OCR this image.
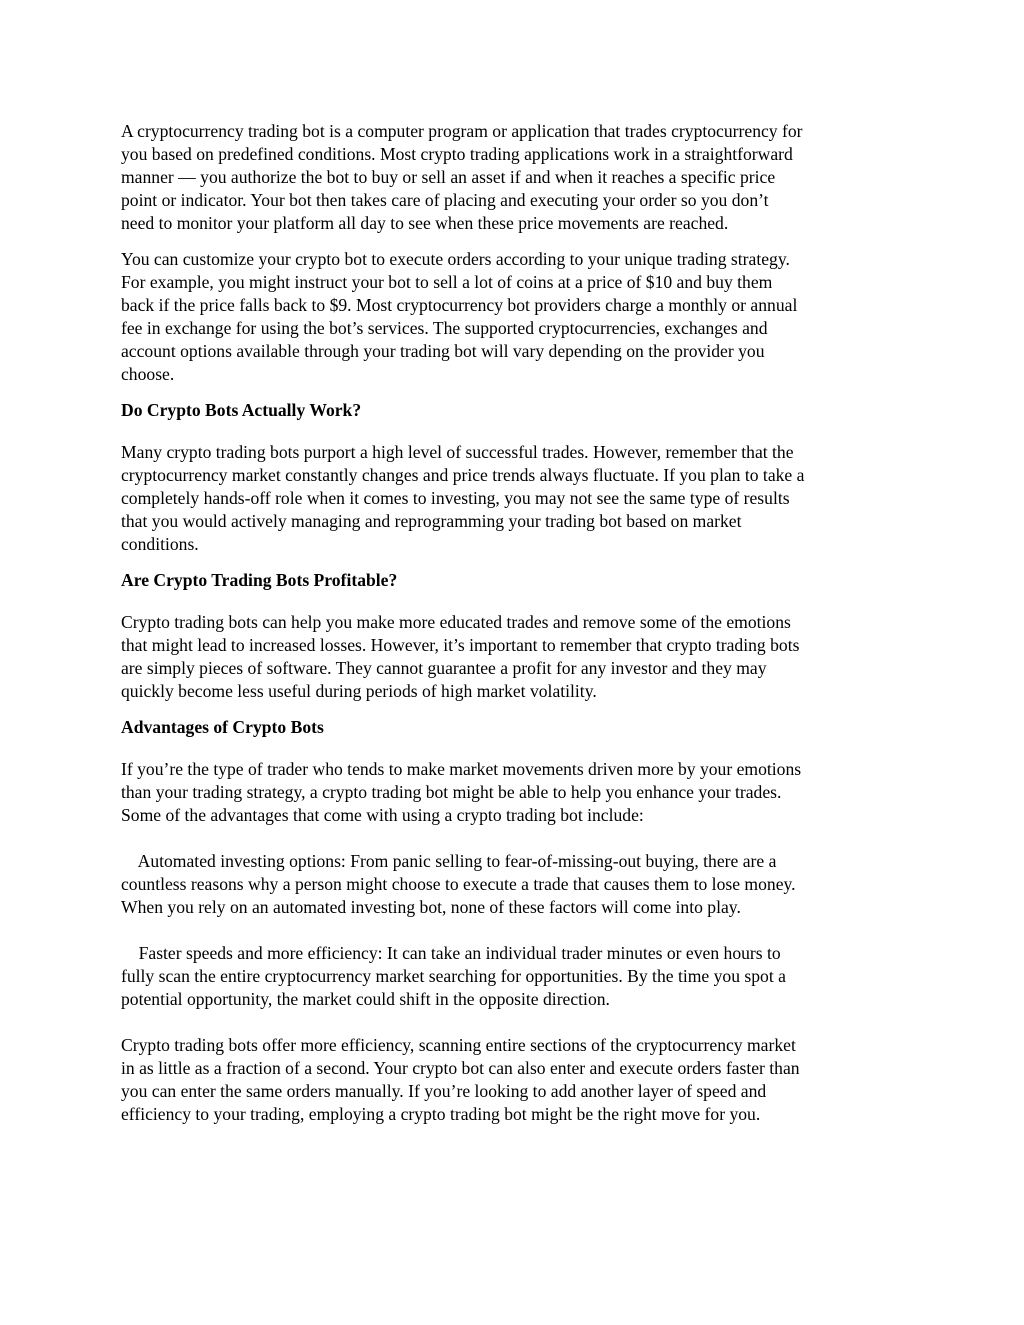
A cryptocurrency trading bot is a computer program or application that trades cryptocurrency for
you based on predefined conditions. Most crypto trading applications work in a straightforward
manner — you authorize the bot to buy or sell an asset if and when it reaches a specific price
point or indicator. Your bot then takes care of placing and executing your order so you don’t
need to monitor your platform all day to see when these price movements are reached.
You can customize your crypto bot to execute orders according to your unique trading strategy.
For example, you might instruct your bot to sell a lot of coins at a price of $10 and buy them
back if the price falls back to $9. Most cryptocurrency bot providers charge a monthly or annual
fee in exchange for using the bot’s services. The supported cryptocurrencies, exchanges and
account options available through your trading bot will vary depending on the provider you
choose.
Do Crypto Bots Actually Work?
Many crypto trading bots purport a high level of successful trades. However, remember that the
cryptocurrency market constantly changes and price trends always fluctuate. If you plan to take a
completely hands-off role when it comes to investing, you may not see the same type of results
that you would actively managing and reprogramming your trading bot based on market
conditions.
Are Crypto Trading Bots Profitable?
Crypto trading bots can help you make more educated trades and remove some of the emotions
that might lead to increased losses. However, it’s important to remember that crypto trading bots
are simply pieces of software. They cannot guarantee a profit for any investor and they may
quickly become less useful during periods of high market volatility.
Advantages of Crypto Bots
If you’re the type of trader who tends to make market movements driven more by your emotions
than your trading strategy, a crypto trading bot might be able to help you enhance your trades.
Some of the advantages that come with using a crypto trading bot include:
Automated investing options: From panic selling to fear-of-missing-out buying, there are a
countless reasons why a person might choose to execute a trade that causes them to lose money.
When you rely on an automated investing bot, none of these factors will come into play.
Faster speeds and more efficiency: It can take an individual trader minutes or even hours to
fully scan the entire cryptocurrency market searching for opportunities. By the time you spot a
potential opportunity, the market could shift in the opposite direction.
Crypto trading bots offer more efficiency, scanning entire sections of the cryptocurrency market
in as little as a fraction of a second. Your crypto bot can also enter and execute orders faster than
you can enter the same orders manually. If you’re looking to add another layer of speed and
efficiency to your trading, employing a crypto trading bot might be the right move for you.
